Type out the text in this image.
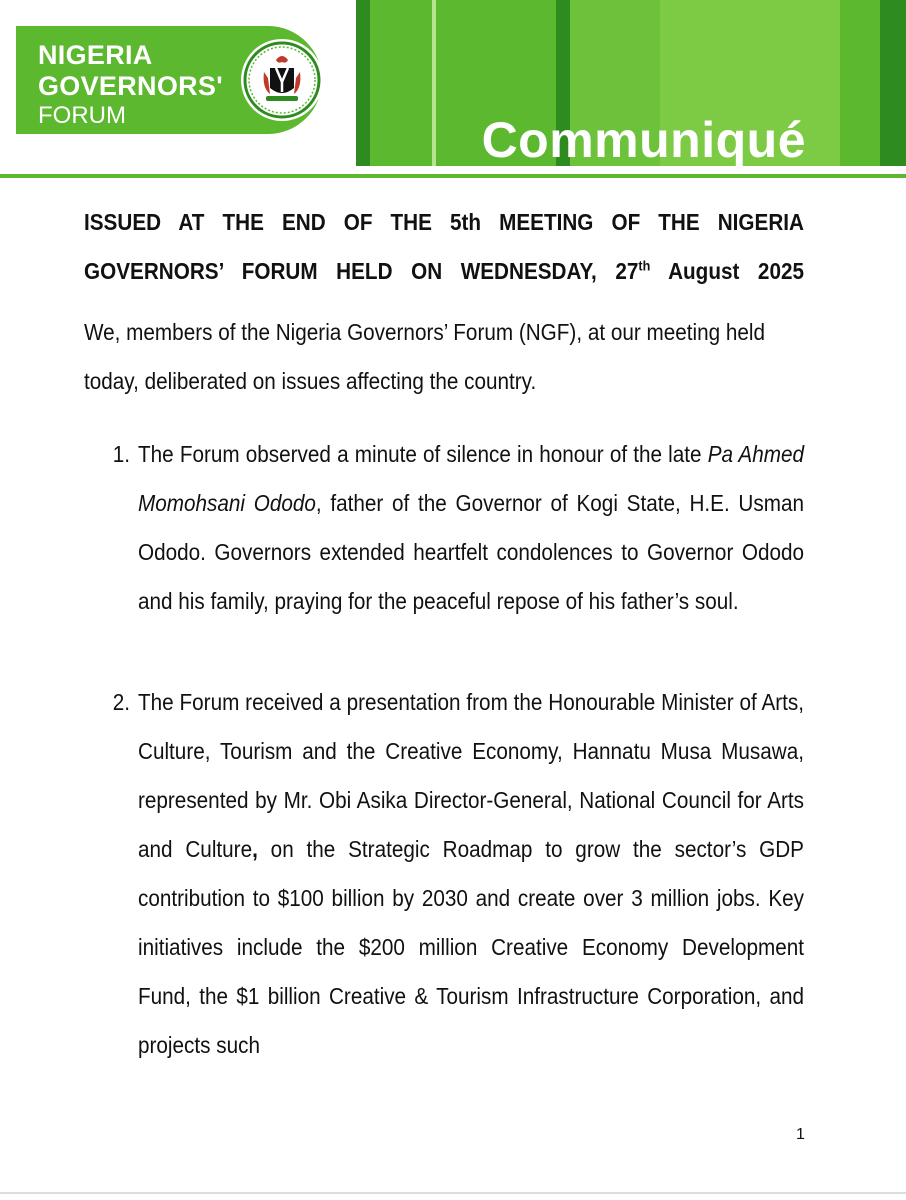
NIGERIA
GOVERNORS'
FORUM	Communiqué
ISSUED AT THE END OF THE 5th MEETING OF THE NIGERIA
GOVERNORS’ FORUM HELD ON WEDNESDAY, 27th August 2025
We, members of the Nigeria Governors’ Forum (NGF), at our meeting held today, deliberated on issues affecting the country.
1. The Forum observed a minute of silence in honour of the late Pa Ahmed Momohsani Ododo, father of the Governor of Kogi State, H.E. Usman Ododo. Governors extended heartfelt condolences to Governor Ododo and his family, praying for the peaceful repose of his father’s soul.
2. The Forum received a presentation from the Honourable Minister of Arts, Culture, Tourism and the Creative Economy, Hannatu Musa Musawa, represented by Mr. Obi Asika Director-General, National Council for Arts and Culture, on the Strategic Roadmap to grow the sector’s GDP contribution to $100 billion by 2030 and create over 3 million jobs. Key initiatives include the $200 million Creative Economy Development Fund, the $1 billion Creative & Tourism Infrastructure Corporation, and projects such
1
